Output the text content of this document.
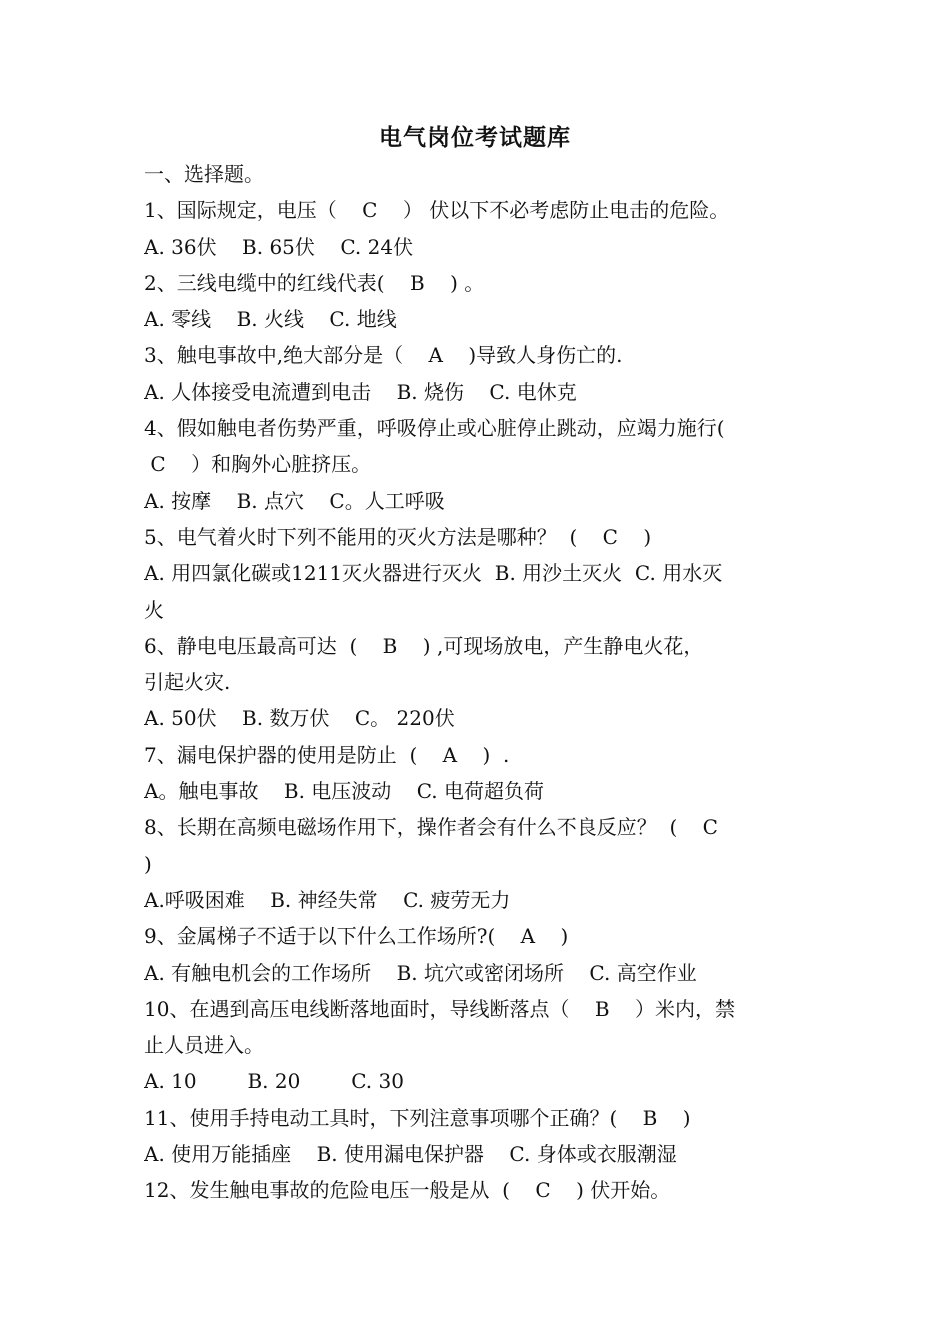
电气岗位考试题库
一、选择题。
1、国际规定，电压（    C    ） 伏以下不必考虑防止电击的危险。
A. 36伏    B. 65伏    C. 24伏
2、三线电缆中的红线代表(    B    ) 。
A. 零线    B. 火线    C. 地线
3、触电事故中,绝大部分是（    A    )导致人身伤亡的.
A. 人体接受电流遭到电击    B. 烧伤    C. 电休克
4、假如触电者伤势严重，呼吸停止或心脏停止跳动，应竭力施行(
C    ）和胸外心脏挤压。
A. 按摩    B. 点穴    C。人工呼吸
5、电气着火时下列不能用的灭火方法是哪种？  (    C    )
A. 用四氯化碳或1211灭火器进行灭火  B. 用沙土灭火  C. 用水灭
火
6、静电电压最高可达  (    B    ) ,可现场放电，产生静电火花，
引起火灾.
A. 50伏    B. 数万伏    C。 220伏
7、漏电保护器的使用是防止  (    A    )  .
A。触电事故    B. 电压波动    C. 电荷超负荷
8、长期在高频电磁场作用下，操作者会有什么不良反应？  (    C
)
A.呼吸困难    B. 神经失常    C. 疲劳无力
9、金属梯子不适于以下什么工作场所?(    A    )
A. 有触电机会的工作场所    B. 坑穴或密闭场所    C. 高空作业
10、在遇到高压电线断落地面时，导线断落点（    B    ）米内，禁
止人员进入。
A. 10        B. 20        C. 30
11、使用手持电动工具时，下列注意事项哪个正确？(    B    )
A. 使用万能插座    B. 使用漏电保护器    C. 身体或衣服潮湿
12、发生触电事故的危险电压一般是从  (    C    ) 伏开始。
